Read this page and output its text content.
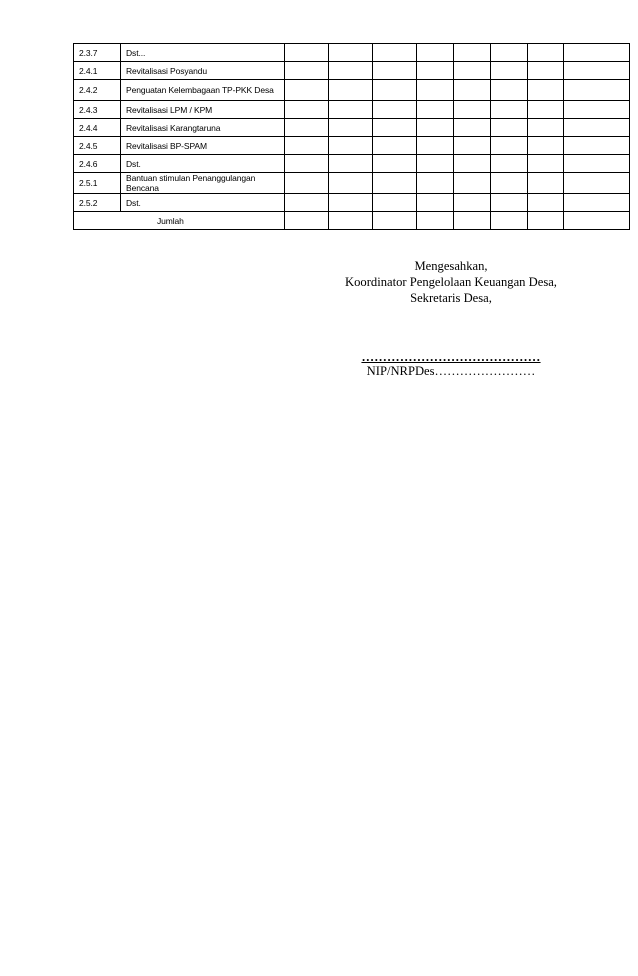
2.3.7	Dst...								
2.4.1	Revitalisasi Posyandu								
2.4.2	Penguatan Kelembagaan TP-PKK Desa								
2.4.3	Revitalisasi LPM / KPM								
2.4.4	Revitalisasi Karangtaruna								
2.4.5	Revitalisasi BP-SPAM								
2.4.6	Dst.								
2.5.1	Bantuan stimulan Penanggulangan Bencana								
2.5.2	Dst.								
Jumlah									
Mengesahkan,
Koordinator Pengelolaan Keuangan Desa,
Sekretaris Desa,
……………………………………
NIP/NRPDes……………………
